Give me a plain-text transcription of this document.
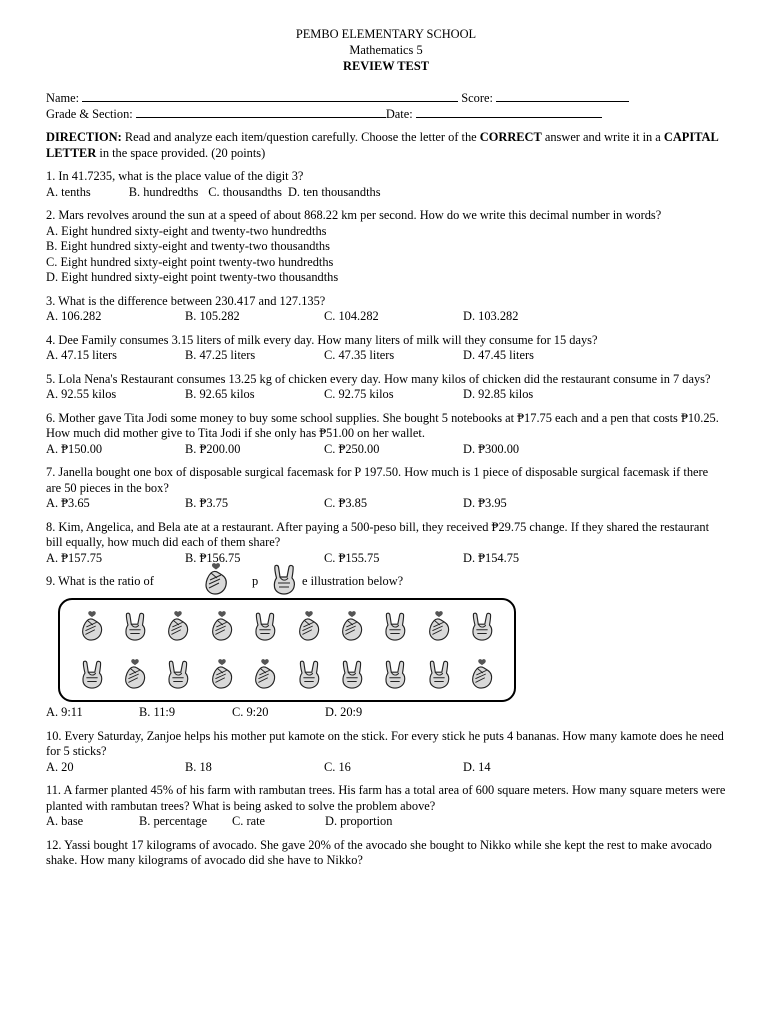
PEMBO ELEMENTARY SCHOOL
Mathematics 5
REVIEW TEST
Name:	Score:
Grade & Section:	Date:
DIRECTION: Read and analyze each item/question carefully. Choose the letter of the CORRECT answer and write it in a CAPITAL LETTER in the space provided. (20 points)
1. In 41.7235, what is the place value of the digit 3?
A. tenths	B. hundredths C. thousandths D. ten thousandths
2. Mars revolves around the sun at a speed of about 868.22 km per second. How do we write this decimal number in words?
A. Eight hundred sixty-eight and twenty-two hundredths
B. Eight hundred sixty-eight and twenty-two thousandths
C. Eight hundred sixty-eight point twenty-two hundredths
D. Eight hundred sixty-eight point twenty-two thousandths
3. What is the difference between 230.417 and 127.135?
A. 106.282	B. 105.282	C. 104.282	D. 103.282
4. Dee Family consumes 3.15 liters of milk every day. How many liters of milk will they consume for 15 days?
A. 47.15 liters	B. 47.25 liters	C. 47.35 liters	D. 47.45 liters
5. Lola Nena's Restaurant consumes 13.25 kg of chicken every day. How many kilos of chicken did the restaurant consume in 7 days?
A. 92.55 kilos	B. 92.65 kilos	C. 92.75 kilos	D. 92.85 kilos
6. Mother gave Tita Jodi some money to buy some school supplies. She bought 5 notebooks at ₱17.75 each and a pen that costs ₱10.25. How much did mother give to Tita Jodi if she only has ₱51.00 on her wallet.
A. ₱150.00	B. ₱200.00	C. ₱250.00	D. ₱300.00
7. Janella bought one box of disposable surgical facemask for P 197.50. How much is 1 piece of disposable surgical facemask if there are 50 pieces in the box?
A. ₱3.65	B. ₱3.75	C. ₱3.85	D. ₱3.95
8. Kim, Angelica, and Bela ate at a restaurant. After paying a 500-peso bill, they received ₱29.75 change. If they shared the restaurant bill equally, how much did each of them share?
A. ₱157.75	B. ₱156.75	C. ₱155.75	D. ₱154.75
9. What is the ratio of	p	e illustration below?
A. 9:11	B. 11:9	C. 9:20	D. 20:9
10. Every Saturday, Zanjoe helps his mother put kamote on the stick. For every stick he puts 4 bananas. How many kamote does he need for 5 sticks?
A. 20	B. 18	C. 16	D. 14
11. A farmer planted 45% of his farm with rambutan trees. His farm has a total area of 600 square meters. How many square meters were planted with rambutan trees? What is being asked to solve the problem above?
A. base	B. percentage C. rate	D. proportion
12. Yassi bought 17 kilograms of avocado. She gave 20% of the avocado she bought to Nikko while she kept the rest to make avocado shake. How many kilograms of avocado did she have to Nikko?
